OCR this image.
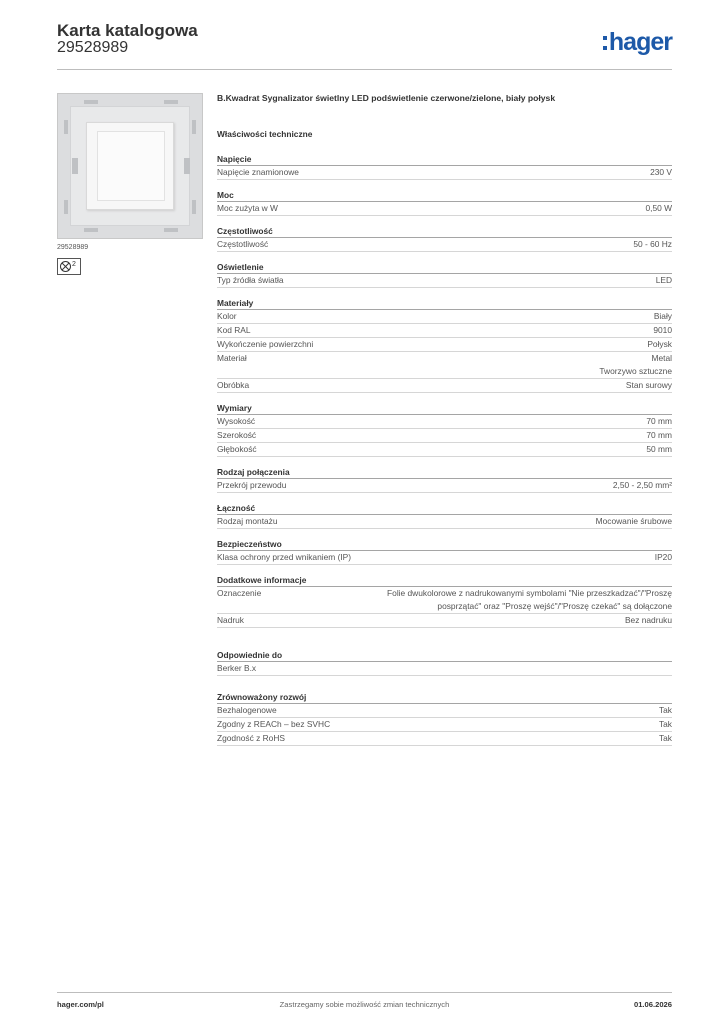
Karta katalogowa
29528989	hager
29528989
2
B.Kwadrat Sygnalizator świetlny LED podświetlenie czerwone/zielone, biały połysk
Właściwości techniczne
Napięcie
Napięcie znamionowe	230 V
Moc
Moc zużyta w W	0,50 W
Częstotliwość
Częstotliwość	50 - 60 Hz
Oświetlenie
Typ źródła światła	LED
Materiały
Kolor	Biały
Kod RAL	9010
Wykończenie powierzchni	Połysk
Materiał	Metal
Tworzywo sztuczne
Obróbka	Stan surowy
Wymiary
Wysokość	70 mm
Szerokość	70 mm
Głębokość	50 mm
Rodzaj połączenia
Przekrój przewodu	2,50 - 2,50 mm²
Łączność
Rodzaj montażu	Mocowanie śrubowe
Bezpieczeństwo
Klasa ochrony przed wnikaniem (IP)	IP20
Dodatkowe informacje
Oznaczenie	Folie dwukolorowe z nadrukowanymi symbolami "Nie przeszkadzać"/"Proszę posprzątać" oraz "Proszę wejść"/"Proszę czekać" są dołączone
Nadruk	Bez nadruku
Odpowiednie do
Berker B.x
Zrównoważony rozwój
Bezhalogenowe	Tak
Zgodny z REACh – bez SVHC	Tak
Zgodność z RoHS	Tak
hager.com/pl	Zastrzegamy sobie możliwość zmian technicznych	01.06.2026
